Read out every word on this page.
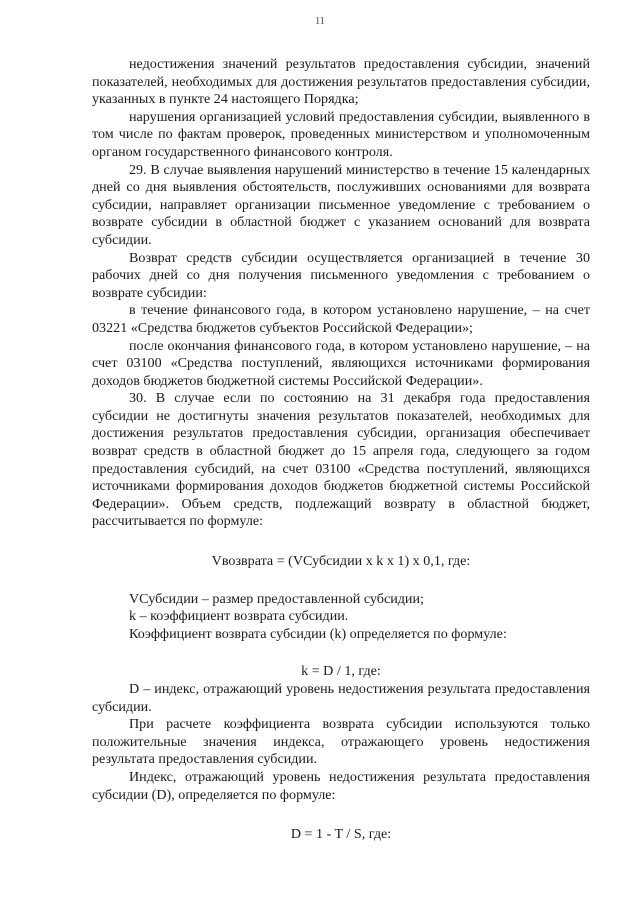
11

недостижения значений результатов предоставления субсидии, значений показателей, необходимых для достижения результатов предоставления субсидии, указанных в пункте 24 настоящего Порядка;

нарушения организацией условий предоставления субсидии, выявленного в том числе по фактам проверок, проведенных министерством и уполномоченным органом государственного финансового контроля.

29. В случае выявления нарушений министерство в течение 15 календарных дней со дня выявления обстоятельств, послуживших основаниями для возврата субсидии, направляет организации письменное уведомление с требованием о возврате субсидии в областной бюджет с указанием оснований для возврата субсидии.

Возврат средств субсидии осуществляется организацией в течение 30 рабочих дней со дня получения письменного уведомления с требованием о возврате субсидии:

в течение финансового года, в котором установлено нарушение, – на счет 03221 «Средства бюджетов субъектов Российской Федерации»;

после окончания финансового года, в котором установлено нарушение, – на счет 03100 «Средства поступлений, являющихся источниками формирования доходов бюджетов бюджетной системы Российской Федерации».

30. В случае если по состоянию на 31 декабря года предоставления субсидии не достигнуты значения результатов показателей, необходимых для достижения результатов предоставления субсидии, организация обеспечивает возврат средств в областной бюджет до 15 апреля года, следующего за годом предоставления субсидий, на счет 03100 «Средства поступлений, являющихся источниками формирования доходов бюджетов бюджетной системы Российской Федерации». Объем средств, подлежащий возврату в областной бюджет, рассчитывается по формуле:

Vвозврата = (VСубсидии x k x 1) x 0,1, где:

VСубсидии – размер предоставленной субсидии;

k – коэффициент возврата субсидии.

Коэффициент возврата субсидии (k) определяется по формуле:

k = D / 1, где:

D – индекс, отражающий уровень недостижения результата предоставления субсидии.

При расчете коэффициента возврата субсидии используются только положительные значения индекса, отражающего уровень недостижения результата предоставления субсидии.

Индекс, отражающий уровень недостижения результата предоставления субсидии (D), определяется по формуле:

D = 1 - T / S, где:
